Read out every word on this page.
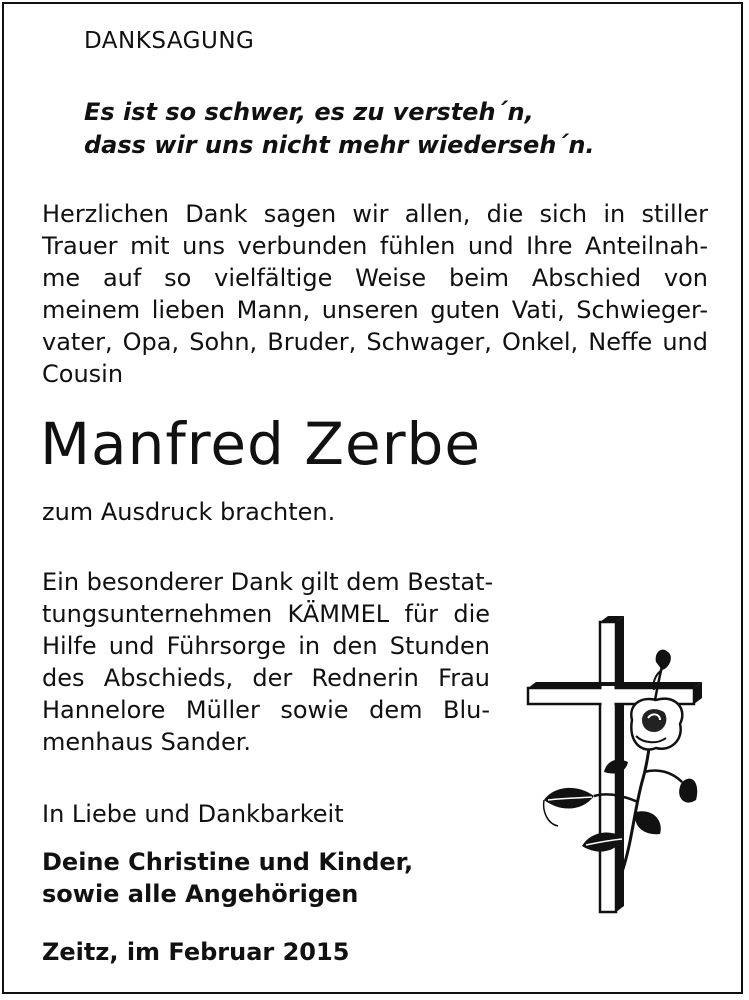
DANKSAGUNG
Es ist so schwer, es zu versteh´n,
dass wir uns nicht mehr wiederseh´n.
Herzlichen Dank sagen wir allen, die sich in stiller
Trauer mit uns verbunden fühlen und Ihre Anteilnah-
me auf so vielfältige Weise beim Abschied von
meinem lieben Mann, unseren guten Vati, Schwieger-
vater, Opa, Sohn, Bruder, Schwager, Onkel, Neffe und
Cousin
Manfred Zerbe
zum Ausdruck brachten.
Ein besonderer Dank gilt dem Bestat-
tungsunternehmen KÄMMEL für die
Hilfe und Führsorge in den Stunden
des Abschieds, der Rednerin Frau
Hannelore Müller sowie dem Blu-
menhaus Sander.
In Liebe und Dankbarkeit
Deine Christine und Kinder,
sowie alle Angehörigen
Zeitz, im Februar 2015
